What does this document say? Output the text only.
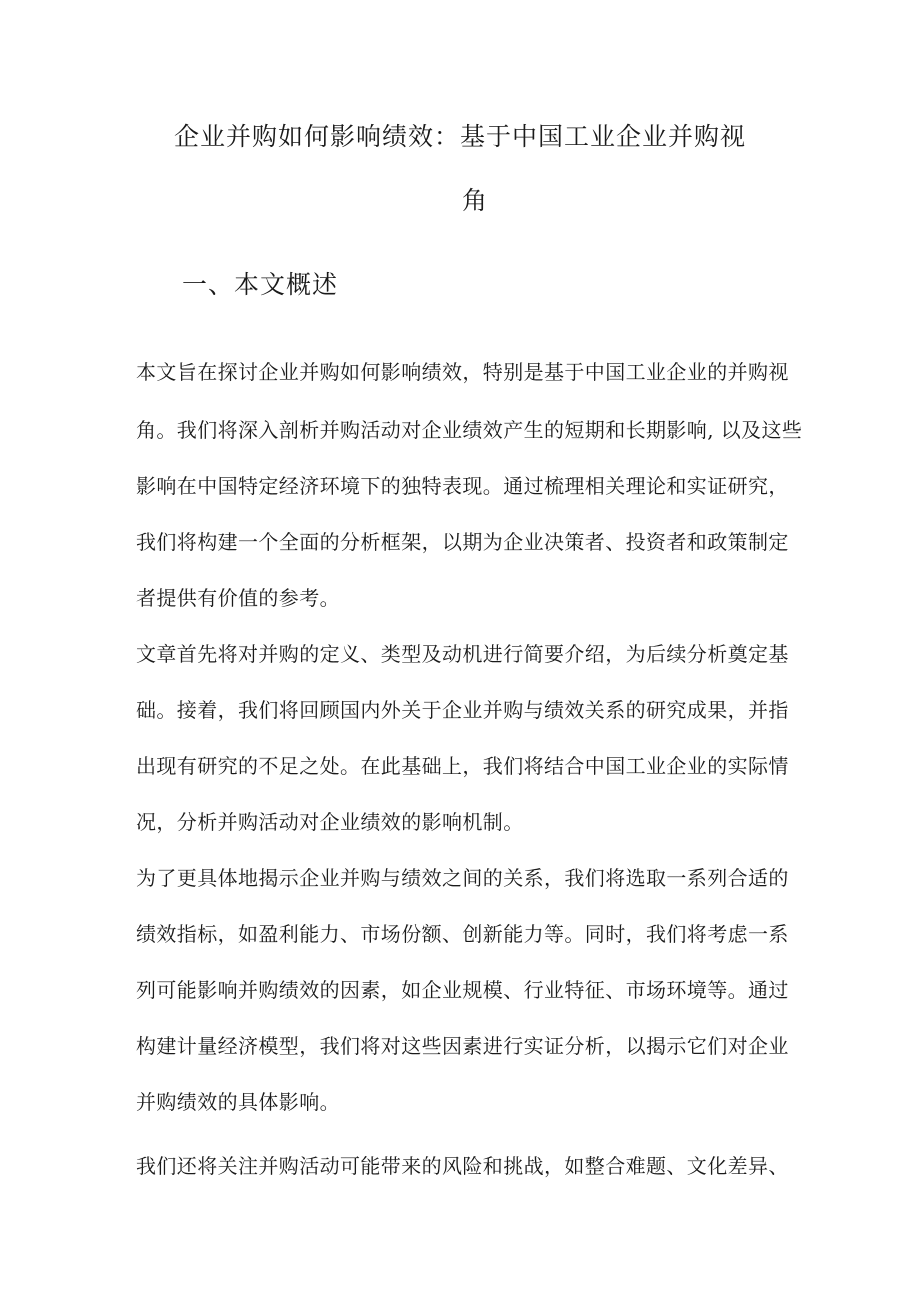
企业并购如何影响绩效：基于中国工业企业并购视
角
一、本文概述
本文旨在探讨企业并购如何影响绩效，特别是基于中国工业企业的并购视
角。我们将深入剖析并购活动对企业绩效产生的短期和长期影响, 以及这些
影响在中国特定经济环境下的独特表现。通过梳理相关理论和实证研究，
我们将构建一个全面的分析框架，以期为企业决策者、投资者和政策制定
者提供有价值的参考。
文章首先将对并购的定义、类型及动机进行简要介绍，为后续分析奠定基
础。接着，我们将回顾国内外关于企业并购与绩效关系的研究成果，并指
出现有研究的不足之处。在此基础上，我们将结合中国工业企业的实际情
况，分析并购活动对企业绩效的影响机制。
为了更具体地揭示企业并购与绩效之间的关系，我们将选取一系列合适的
绩效指标，如盈利能力、市场份额、创新能力等。同时，我们将考虑一系
列可能影响并购绩效的因素，如企业规模、行业特征、市场环境等。通过
构建计量经济模型，我们将对这些因素进行实证分析，以揭示它们对企业
并购绩效的具体影响。
我们还将关注并购活动可能带来的风险和挑战，如整合难题、文化差异、
